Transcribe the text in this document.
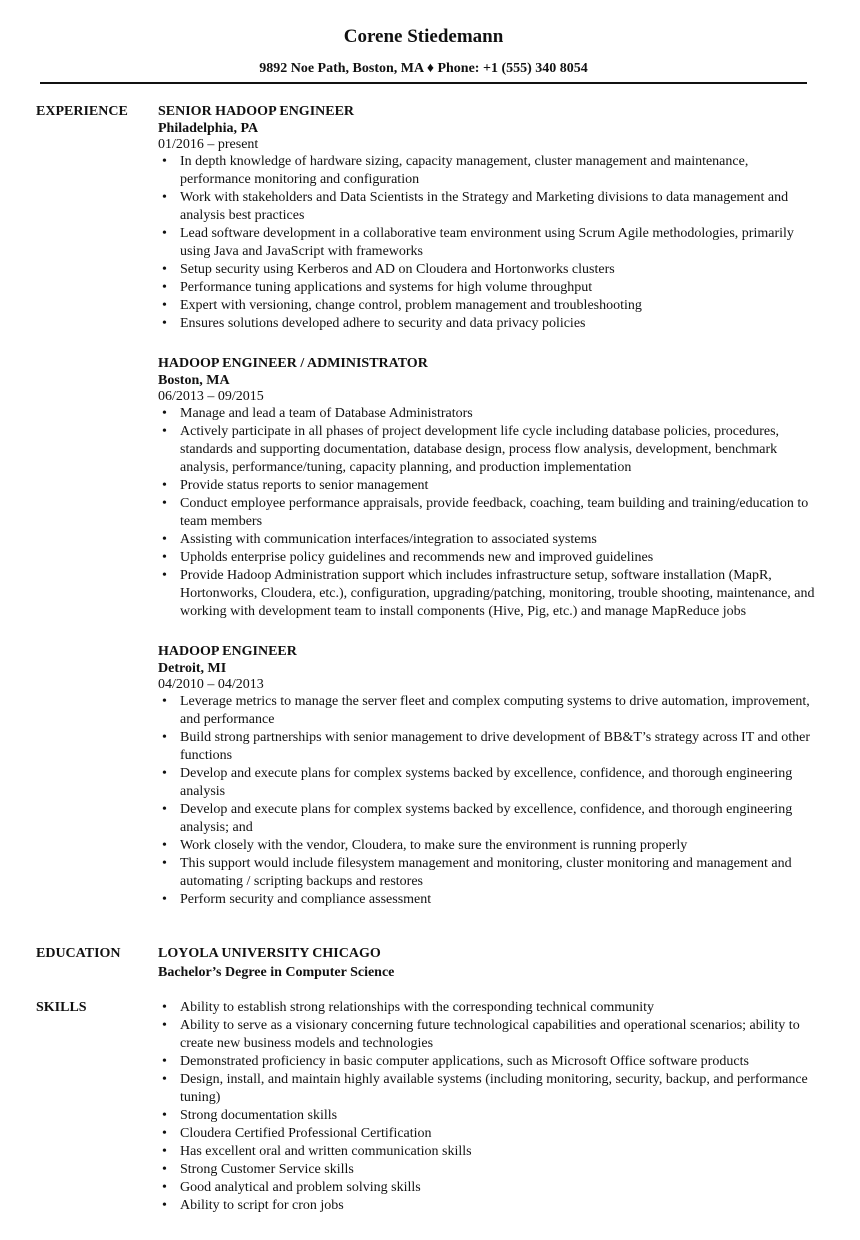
Corene Stiedemann
9892 Noe Path, Boston, MA ♦ Phone: +1 (555) 340 8054
EXPERIENCE	SENIOR HADOOP ENGINEER
Philadelphia, PA
01/2016 – present
• In depth knowledge of hardware sizing, capacity management, cluster management and maintenance, performance monitoring and configuration
• Work with stakeholders and Data Scientists in the Strategy and Marketing divisions to data management and analysis best practices
• Lead software development in a collaborative team environment using Scrum Agile methodologies, primarily using Java and JavaScript with frameworks
• Setup security using Kerberos and AD on Cloudera and Hortonworks clusters
• Performance tuning applications and systems for high volume throughput
• Expert with versioning, change control, problem management and troubleshooting
• Ensures solutions developed adhere to security and data privacy policies
HADOOP ENGINEER / ADMINISTRATOR
Boston, MA
06/2013 – 09/2015
• Manage and lead a team of Database Administrators
• Actively participate in all phases of project development life cycle including database policies, procedures, standards and supporting documentation, database design, process flow analysis, development, benchmark analysis, performance/tuning, capacity planning, and production implementation
• Provide status reports to senior management
• Conduct employee performance appraisals, provide feedback, coaching, team building and training/education to team members
• Assisting with communication interfaces/integration to associated systems
• Upholds enterprise policy guidelines and recommends new and improved guidelines
• Provide Hadoop Administration support which includes infrastructure setup, software installation (MapR, Hortonworks, Cloudera, etc.), configuration, upgrading/patching, monitoring, trouble shooting, maintenance, and working with development team to install components (Hive, Pig, etc.) and manage MapReduce jobs
HADOOP ENGINEER
Detroit, MI
04/2010 – 04/2013
• Leverage metrics to manage the server fleet and complex computing systems to drive automation, improvement, and performance
• Build strong partnerships with senior management to drive development of BB&T’s strategy across IT and other functions
• Develop and execute plans for complex systems backed by excellence, confidence, and thorough engineering analysis
• Develop and execute plans for complex systems backed by excellence, confidence, and thorough engineering analysis; and
• Work closely with the vendor, Cloudera, to make sure the environment is running properly
• This support would include filesystem management and monitoring, cluster monitoring and management and automating / scripting backups and restores
• Perform security and compliance assessment
EDUCATION	LOYOLA UNIVERSITY CHICAGO
Bachelor’s Degree in Computer Science
SKILLS
•	Ability to establish strong relationships with the corresponding technical community
• Ability to serve as a visionary concerning future technological capabilities and operational scenarios; ability to create new business models and technologies
• Demonstrated proficiency in basic computer applications, such as Microsoft Office software products
• Design, install, and maintain highly available systems (including monitoring, security, backup, and performance tuning)
• Strong documentation skills
• Cloudera Certified Professional Certification
• Has excellent oral and written communication skills
• Strong Customer Service skills
• Good analytical and problem solving skills
• Ability to script for cron jobs
